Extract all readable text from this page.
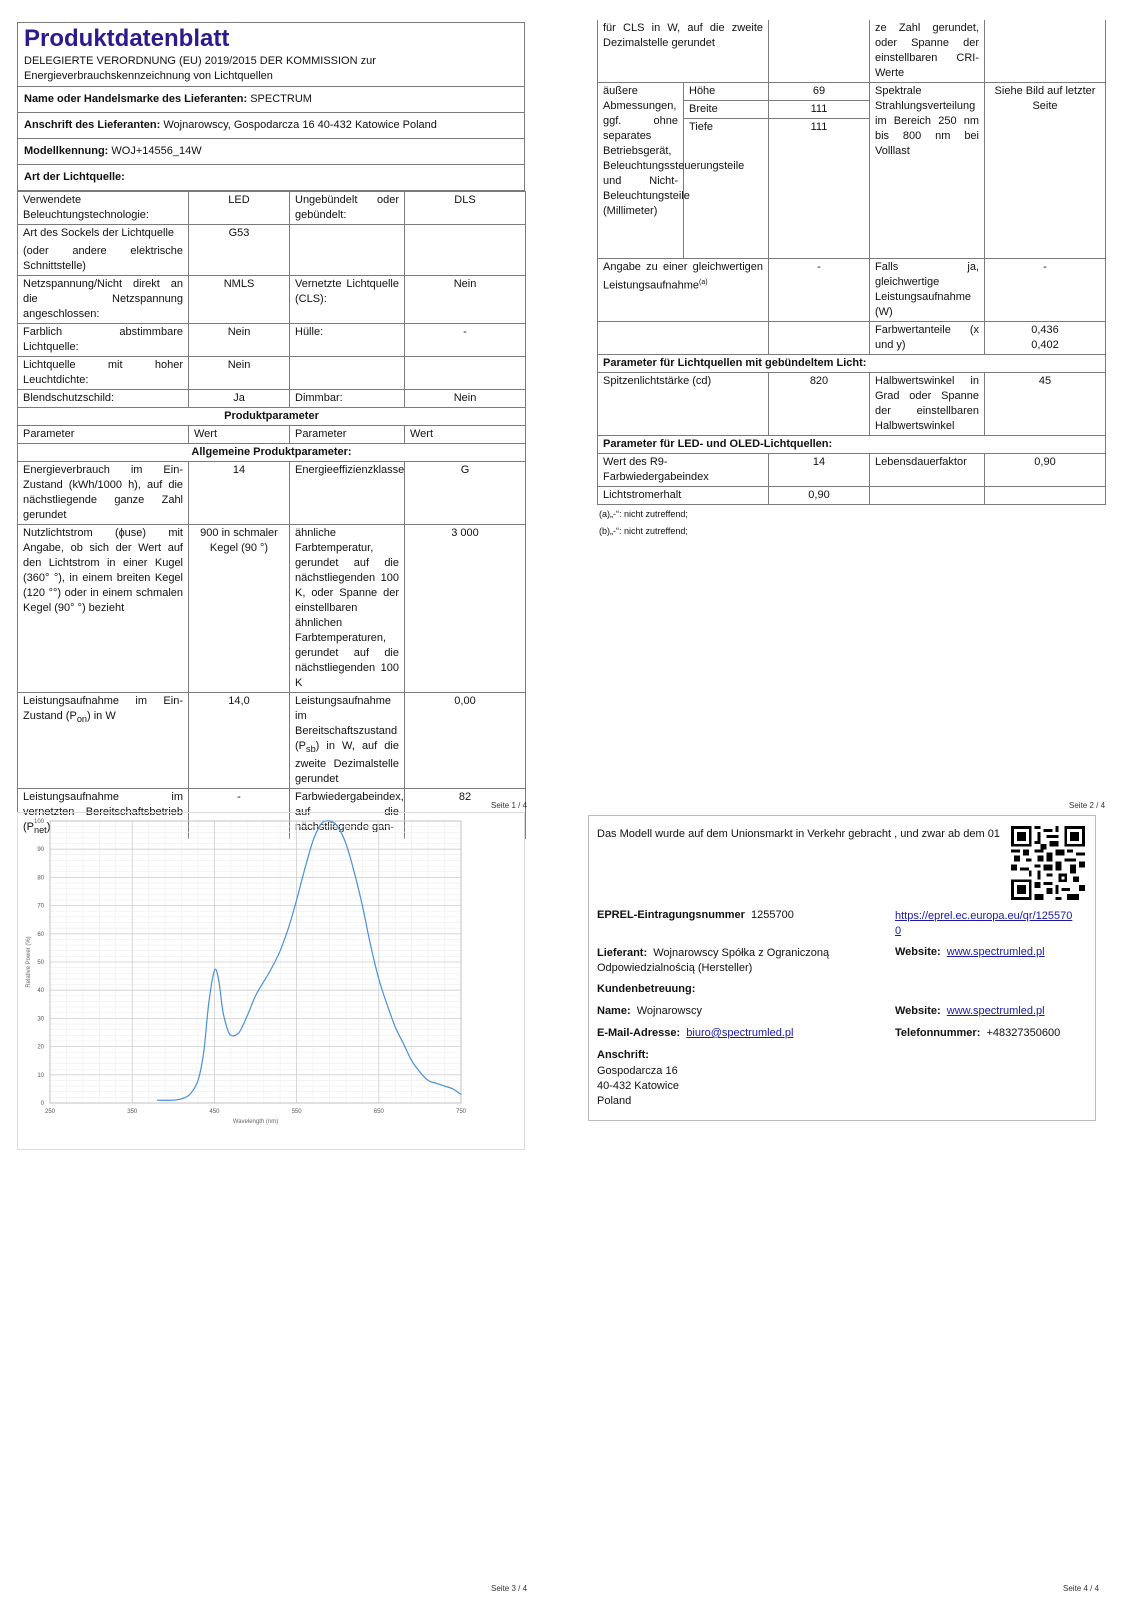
Produktdatenblatt
DELEGIERTE VERORDNUNG (EU) 2019/2015 DER KOMMISSION zur Energieverbrauchskennzeichnung von Lichtquellen
Name oder Handelsmarke des Lieferanten: SPECTRUM
Anschrift des Lieferanten: Wojnarowscy, Gospodarcza 16 40-432 Katowice Poland
Modellkennung: WOJ+14556_14W
Art der Lichtquelle:
Verwendete Beleuchtungstechnologie:	LED	Ungebündelt oder gebündelt:	DLS

Art des Sockels der Lichtquelle
(oder andere elektrische Schnittstelle)	G53		
Netzspannung/Nicht direkt an die Netzspannung angeschlossen:	NMLS	Vernetzte Lichtquelle (CLS):	Nein
Farblich abstimmbare Lichtquelle:	Nein	Hülle:	-
Lichtquelle mit hoher Leuchtdichte:	Nein		
Blendschutzschild:	Ja	Dimmbar:	Nein
Produktparameter			
Parameter	Wert	Parameter	Wert
Allgemeine Produktparameter:			
Energieverbrauch im Ein-Zustand (kWh/1000 h), auf die nächstliegende ganze Zahl gerundet	14	Energieeffizienzklasse	G
Nutzlichtstrom (ɸuse) mit Angabe, ob sich der Wert auf den Lichtstrom in einer Kugel (360° °), in einem breiten Kegel (120 °°) oder in einem schmalen Kegel (90° °) bezieht	900 in schmaler Kegel (90 °)	ähnliche Farbtemperatur, gerundet auf die nächstliegenden 100 K, oder Spanne der einstellbaren ähnlichen Farbtemperaturen, gerundet auf die nächstliegenden 100 K	3 000
Leistungsaufnahme im Ein-Zustand $(P_{on})$ in W	14,0	Leistungsaufnahme im Bereitschaftszustand $(P_{sb})$ in W, auf die zweite Dezimalstelle gerundet	0,00
Leistungsaufnahme im vernetzten Bereitschaftsbetrieb $(P_{net})$	-	Farbwiedergabeindex, auf die nächstliegende gan-	82
Seite 1 / 4
für CLS in W, auf die zweite Dezimalstelle gerundet			ze Zahl gerundet, oder Spanne der einstellbaren CRI-Werte	
äußere Abmessungen, ggf. ohne separates Betriebsgerät, Beleuchtungssteuerungsteile und Nicht-Beleuchtungsteile (Millimeter)	Höhe	69	Spektrale Strahlungsverteilung im Bereich 250 nm bis 800 nm bei Volllast	Siehe Bild auf letzter Seite
	Breite	111		
	Tiefe	111		

Angabe zu einer gleichwertigen Leistungsaufnahme$^{(a)}$		-	Falls ja, gleichwertige Leistungsaufnahme (W)	-
			Farbwertanteile (x und y)	0,436
0,402

Parameter für Lichtquellen mit gebündeltem Licht:				
Spitzenlichtstärke (cd)		820	Halbwertswinkel in Grad oder Spanne der einstellbaren Halbwertswinkel	45
Parameter für LED- und OLED-Lichtquellen:				
Wert des R9-Farbwiedergabeindex		14	Lebensdauerfaktor	0,90
Lichtstromerhalt		0,90		
(a)„-“: nicht zutreffend;
(b)„-“: nicht zutreffend;
Seite 2 / 4
250	350	450	550	650	750
0
10
20
30
40
50
60
70
80
90
100
Wavelength (nm)
Relative Power (%)
Seite 3 / 4
Das Modell wurde auf dem Unionsmarkt in Verkehr gebracht , und zwar ab dem 01
EPREL-Eintragungsnummer 1255700	https://eprel.ec.europa.eu/qr/1255700
Lieferant: Wojnarowscy Spółka z Ograniczoną Odpowiedzialnością (Hersteller)
Website: www.spectrumled.pl
Kundenbetreuung:
Name: Wojnarowscy	Website: www.spectrumled.pl
E-Mail-Adresse: biuro@spectrumled.pl	Telefonnummer: +48327350600
Anschrift:
Gospodarcza 16
40-432 Katowice
Poland
Seite 4 / 4
